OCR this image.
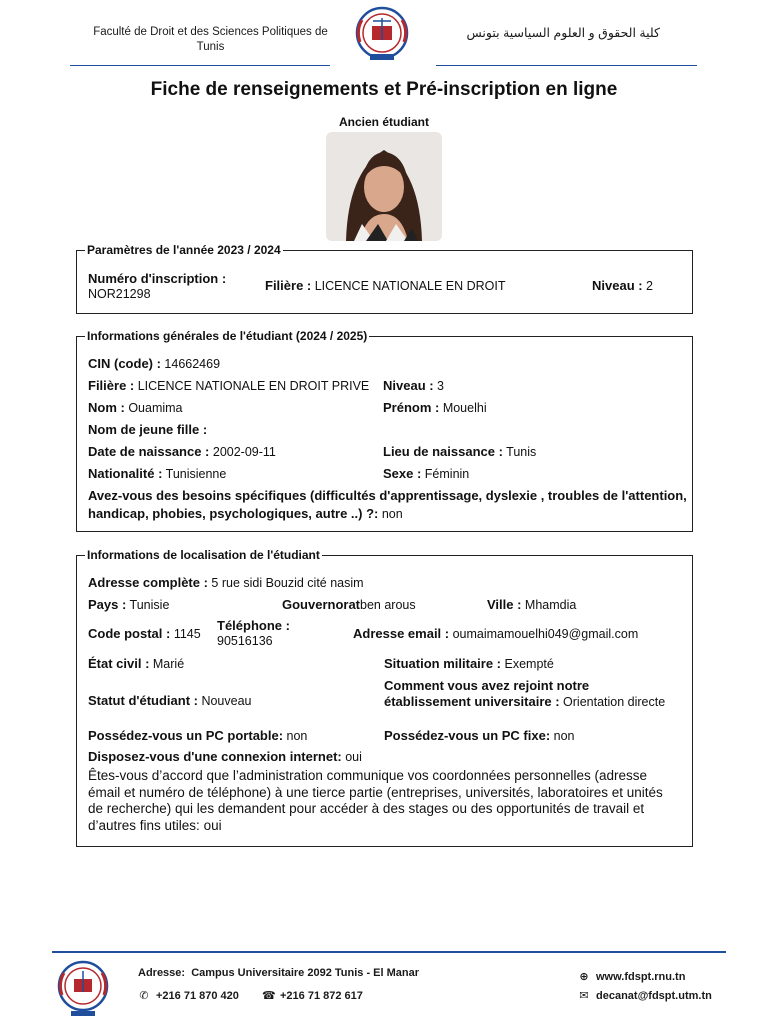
Faculté de Droit et des Sciences Politiques de
Tunis
كلية الحقوق و العلوم السياسية بتونس
Fiche de renseignements et Pré-inscription en ligne
Ancien étudiant
Paramètres de l'année 2023 / 2024
Numéro d'inscription :
NOR21298
Filière : LICENCE NATIONALE EN DROIT	Niveau : 2
Informations générales de l'étudiant (2024 / 2025)
CIN (code) : 14662469
Filière : LICENCE NATIONALE EN DROIT PRIVE Niveau : 3
Nom : Ouamima	Prénom : Mouelhi
Nom de jeune fille :
Date de naissance : 2002-09-11	Lieu de naissance : Tunis
Nationalité : Tunisienne	Sexe : Féminin
Avez-vous des besoins spécifiques (difficultés d'apprentissage, dyslexie , troubles de l'attention, handicap, phobies, psychologiques, autre ..) ?: non
Informations de localisation de l'étudiant
Adresse complète : 5 rue sidi Bouzid cité nasim
Pays : Tunisie	Gouvernoratben arous	Ville : Mhamdia
Code postal : 1145
Téléphone :
90516136	Adresse email : oumaimamouelhi049@gmail.com
État civil : Marié	Situation militaire : Exempté
Statut d'étudiant : Nouveau
Comment vous avez rejoint notre établissement universitaire : Orientation directe
Possédez-vous un PC portable: non	Possédez-vous un PC fixe: non
Disposez-vous d'une connexion internet: oui
Êtes-vous d’accord que l’administration communique vos coordonnées personnelles (adresse émail et numéro de téléphone) à une tierce partie (entreprises, universités, laboratoires et unités de recherche) qui les demandent pour accéder à des stages ou des opportunités de travail et d’autres fins utiles: oui
Adresse: Campus Universitaire 2092 Tunis - El Manar
✆ +216 71 870 420 ☎ +216 71 872 617
⊕ www.fdspt.rnu.tn
✉ decanat@fdspt.utm.tn
